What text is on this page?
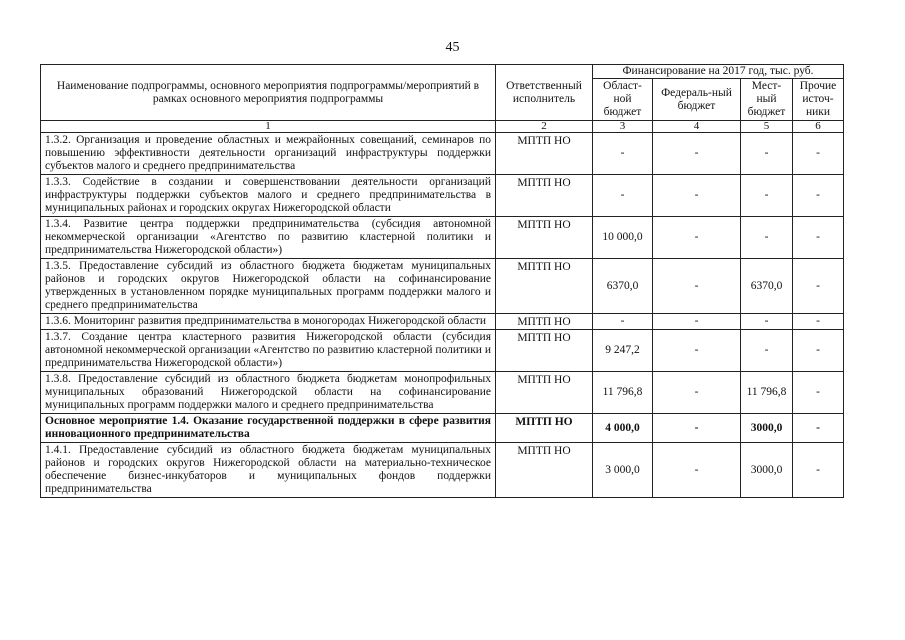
45
Наименование подпрограммы, основного мероприятия подпрограммы/мероприятий в рамках основного мероприятия подпрограммы	Ответственный исполнитель	Финансирование на 2017 год, тыс. руб.			
		Област-ной бюджет	Федераль-ный бюджет	Мест-ный бюджет	Прочие источ-ники
1	2	3	4	5	6
1.3.2. Организация и проведение областных и межрайонных совещаний, семинаров по повышению эффективности деятельности организаций инфраструктуры поддержки субъектов малого и среднего предпринимательства	МПТП НО	-	-	-	-
1.3.3. Содействие в создании и совершенствовании деятельности организаций инфраструктуры поддержки субъектов малого и среднего предпринимательства в муниципальных районах и городских округах Нижегородской области	МПТП НО	-	-	-	-
1.3.4. Развитие центра поддержки предпринимательства (субсидия автономной некоммерческой организации «Агентство по развитию кластерной политики и предпринимательства Нижегородской области»)	МПТП НО	10 000,0	-	-	-
1.3.5. Предоставление субсидий из областного бюджета бюджетам муниципальных районов и городских округов Нижегородской области на софинансирование утвержденных в установленном порядке муниципальных программ поддержки малого и среднего предпринимательства	МПТП НО	6370,0	-	6370,0	-
1.3.6. Мониторинг развития предпринимательства в моногородах Нижегородской области	МПТП НО	-	-	-	-
1.3.7. Создание центра кластерного развития Нижегородской области (субсидия автономной некоммерческой организации «Агентство по развитию кластерной политики и предпринимательства Нижегородской области»)	МПТП НО	9 247,2	-	-	-
1.3.8. Предоставление субсидий из областного бюджета бюджетам монопрофильных муниципальных образований Нижегородской области на софинансирование муниципальных программ поддержки малого и среднего предпринимательства	МПТП НО	11 796,8	-	11 796,8	-
Основное мероприятие 1.4. Оказание государственной поддержки в сфере развития инновационного предпринимательства	МПТП НО	4 000,0	-	3000,0	-
1.4.1. Предоставление субсидий из областного бюджета бюджетам муниципальных районов и городских округов Нижегородской области на материально-техническое обеспечение бизнес-инкубаторов и муниципальных фондов поддержки предпринимательства	МПТП НО	3 000,0	-	3000,0	-
